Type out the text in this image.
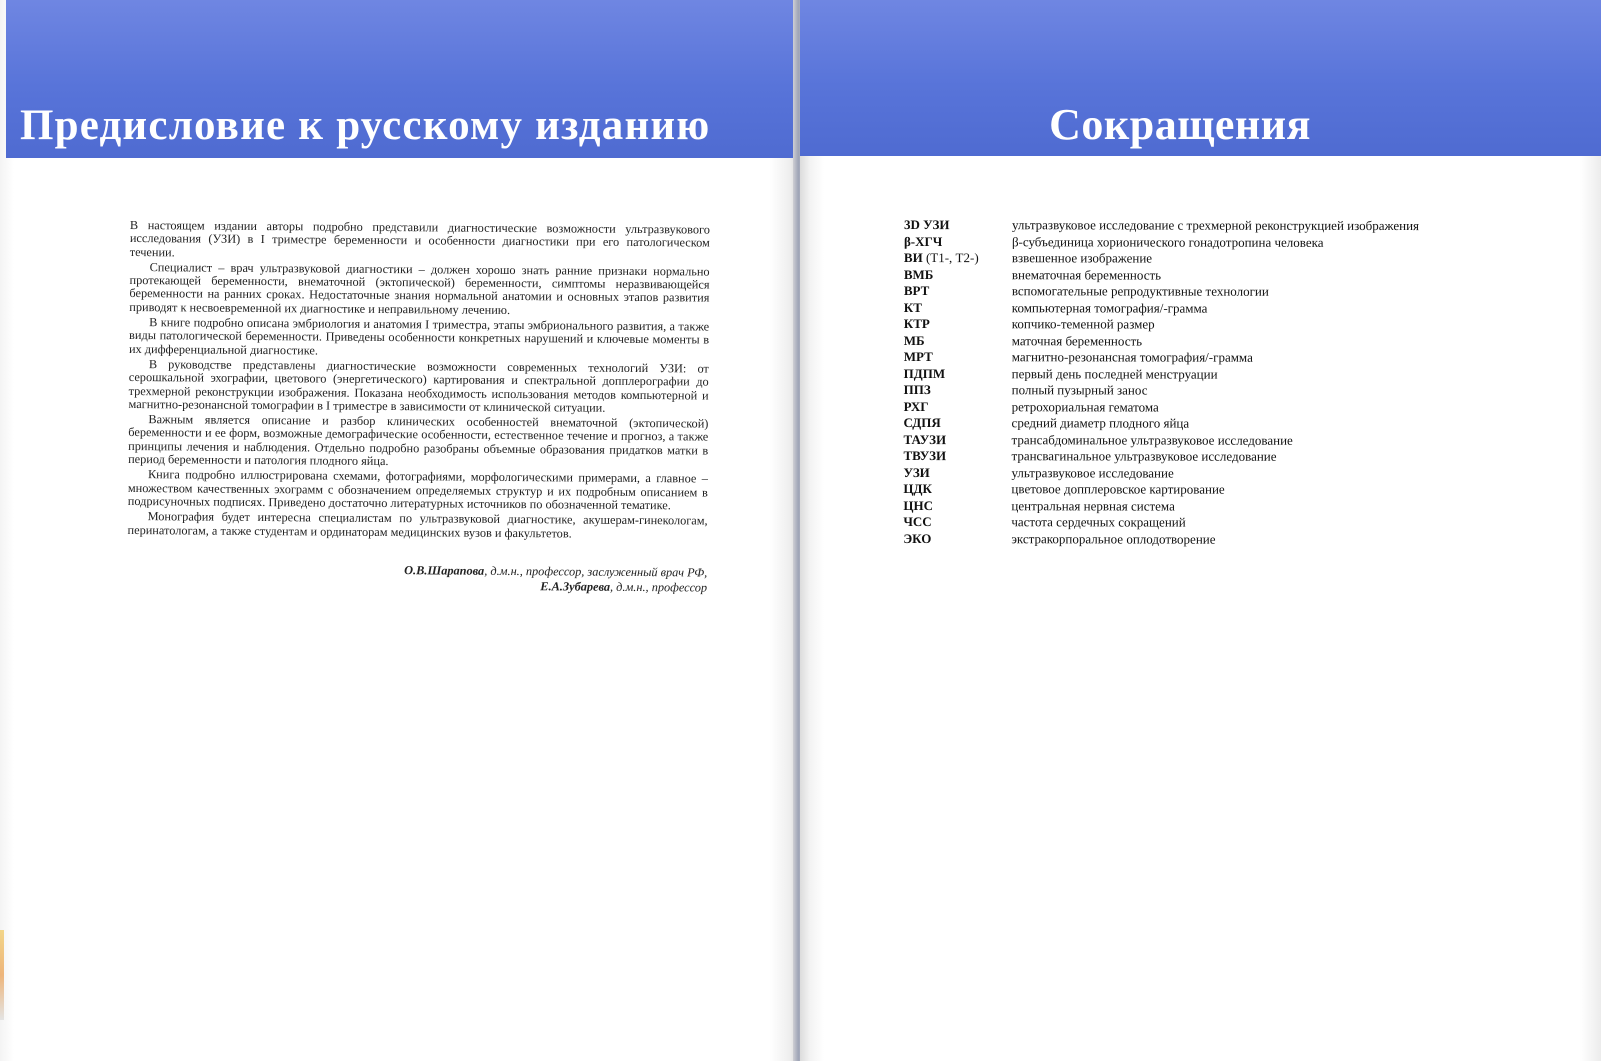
Предисловие к русскому изданию

В настоящем издании авторы подробно представили диагностические возможности ультразвукового исследования (УЗИ) в I триместре беременности и особенности диагностики при его патологическом течении.

Специалист – врач ультразвуковой диагностики – должен хорошо знать ранние признаки нормально протекающей беременности, внематочной (эктопической) беременности, симптомы неразвивающейся беременности на ранних сроках. Недостаточные знания нормальной анатомии и основных этапов развития приводят к несвоевременной их диагностике и неправильному лечению.

В книге подробно описана эмбриология и анатомия I триместра, этапы эмбрионального развития, а также виды патологической беременности. Приведены особенности конкретных нарушений и ключевые моменты в их дифференциальной диагностике.

В руководстве представлены диагностические возможности современных технологий УЗИ: от серошкальной эхографии, цветового (энергетического) картирования и спектральной допплерографии до трехмерной реконструкции изображения. Показана необходимость использования методов компьютерной и магнитно-резонансной томографии в I триместре в зависимости от клинической ситуации.

Важным является описание и разбор клинических особенностей внематочной (эктопической) беременности и ее форм, возможные демографические особенности, естественное течение и прогноз, а также принципы лечения и наблюдения. Отдельно подробно разобраны объемные образования придатков матки в период беременности и патология плодного яйца.

Книга подробно иллюстрирована схемами, фотографиями, морфологическими примерами, а главное – множеством качественных эхограмм с обозначением определяемых структур и их подробным описанием в подрисуночных подписях. Приведено достаточно литературных источников по обозначенной тематике.

Монография будет интересна специалистам по ультразвуковой диагностике, акушерам-гинекологам, перинатологам, а также студентам и ординаторам медицинских вузов и факультетов.

О.В.Шарапова, д.м.н., профессор, заслуженный врач РФ,
Е.А.Зубарева, д.м.н., профессор
Сокращения
3D УЗИ	ультразвуковое исследование с трехмерной реконструкцией изображения
β-ХГЧ	β-субъединица хорионического гонадотропина человека
ВИ (Т1-, Т2-)	взвешенное изображение
ВМБ	внематочная беременность
ВРТ	вспомогательные репродуктивные технологии
КТ	компьютерная томография/-грамма
КТР	копчико-теменной размер
МБ	маточная беременность
МРТ	магнитно-резонансная томография/-грамма
ПДПМ	первый день последней менструации
ППЗ	полный пузырный занос
РХГ	ретрохориальная гематома
СДПЯ	средний диаметр плодного яйца
ТАУЗИ	трансабдоминальное ультразвуковое исследование
ТВУЗИ	трансвагинальное ультразвуковое исследование
УЗИ	ультразвуковое исследование
ЦДК	цветовое допплеровское картирование
ЦНС	центральная нервная система
ЧСС	частота сердечных сокращений
ЭКО	экстракорпоральное оплодотворение
